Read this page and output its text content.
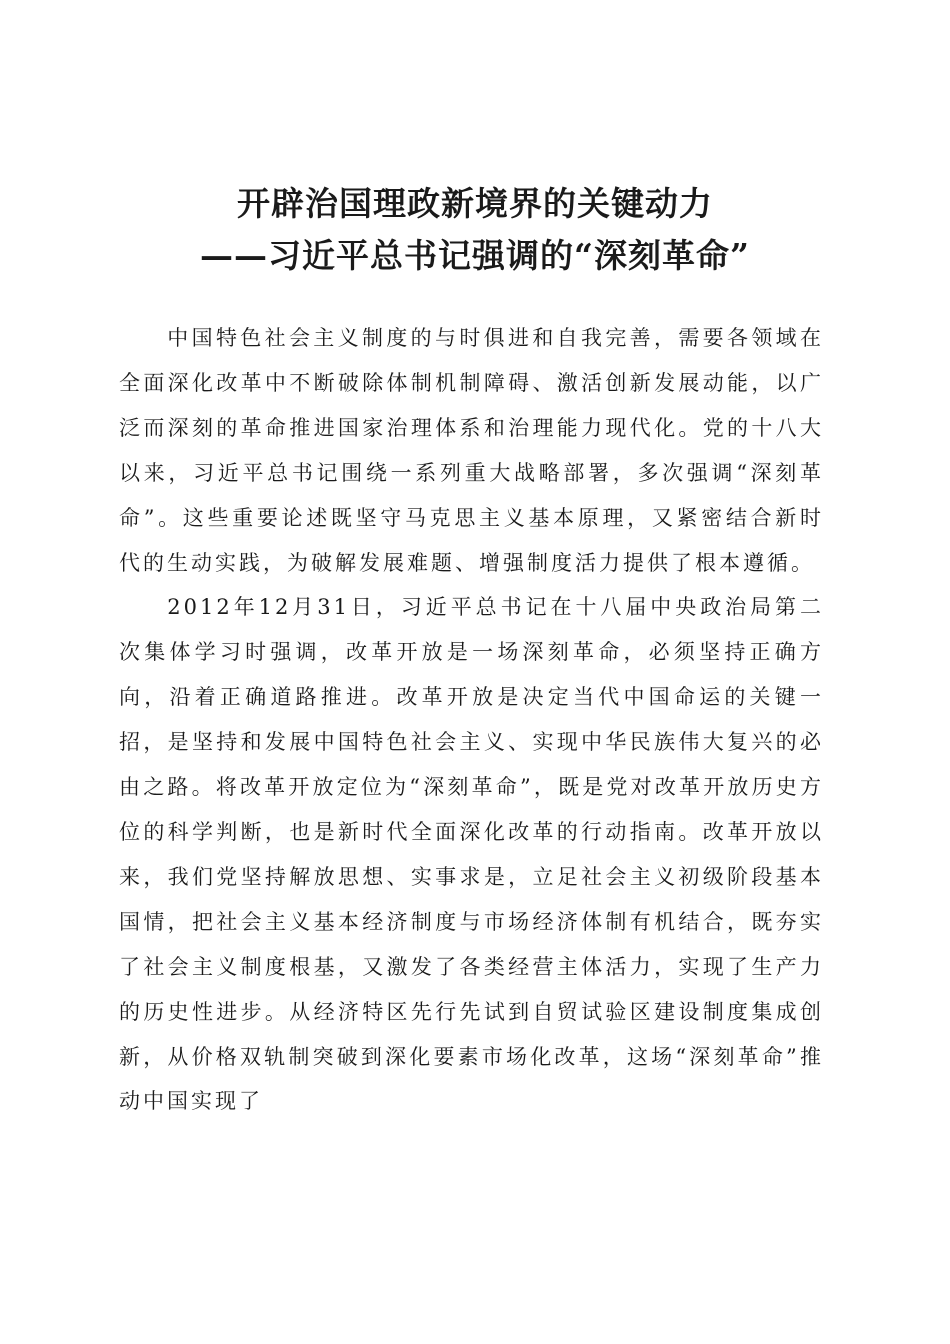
开辟治国理政新境界的关键动力
——习近平总书记强调的“深刻革命”

中国特色社会主义制度的与时俱进和自我完善，需要各领域在全面深化改革中不断破除体制机制障碍、激活创新发展动能，以广泛而深刻的革命推进国家治理体系和治理能力现代化。党的十八大以来，习近平总书记围绕一系列重大战略部署，多次强调“深刻革命”。这些重要论述既坚守马克思主义基本原理，又紧密结合新时代的生动实践，为破解发展难题、增强制度活力提供了根本遵循。

2012年12月31日，习近平总书记在十八届中央政治局第二次集体学习时强调，改革开放是一场深刻革命，必须坚持正确方向，沿着正确道路推进。改革开放是决定当代中国命运的关键一招，是坚持和发展中国特色社会主义、实现中华民族伟大复兴的必由之路。将改革开放定位为“深刻革命”，既是党对改革开放历史方位的科学判断，也是新时代全面深化改革的行动指南。改革开放以来，我们党坚持解放思想、实事求是，立足社会主义初级阶段基本国情，把社会主义基本经济制度与市场经济体制有机结合，既夯实了社会主义制度根基，又激发了各类经营主体活力，实现了生产力的历史性进步。从经济特区先行先试到自贸试验区建设制度集成创新，从价格双轨制突破到深化要素市场化改革，这场“深刻革命”推动中国实现了
